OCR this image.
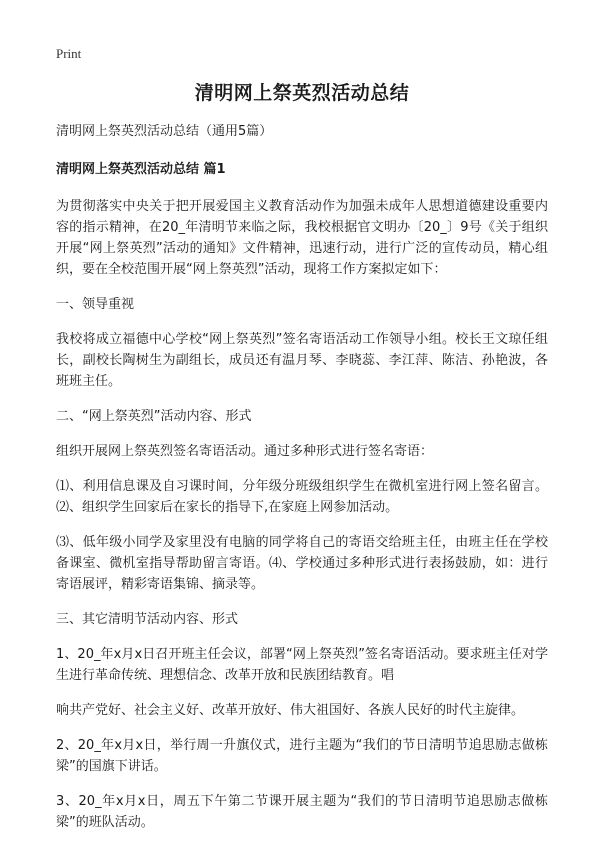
Print
清明网上祭英烈活动总结
清明网上祭英烈活动总结（通用5篇）
清明网上祭英烈活动总结 篇1
为贯彻落实中央关于把开展爱国主义教育活动作为加强未成年人思想道德建设重要内容的指示精神，在20_年清明节来临之际，我校根据官文明办〔20_〕9号《关于组织开展“网上祭英烈”活动的通知》文件精神，迅速行动，进行广泛的宣传动员，精心组织，要在全校范围开展“网上祭英烈”活动，现将工作方案拟定如下：
一、领导重视
我校将成立福德中心学校“网上祭英烈”签名寄语活动工作领导小组。校长王文琼任组长，副校长陶树生为副组长，成员还有温月琴、李晓蕊、李江萍、陈洁、孙艳波，各班班主任。
二、“网上祭英烈”活动内容、形式
组织开展网上祭英烈签名寄语活动。通过多种形式进行签名寄语：
⑴、利用信息课及自习课时间，分年级分班级组织学生在微机室进行网上签名留言。⑵、组织学生回家后在家长的指导下,在家庭上网参加活动。
⑶、低年级小同学及家里没有电脑的同学将自己的寄语交给班主任，由班主任在学校备课室、微机室指导帮助留言寄语。⑷、学校通过多种形式进行表扬鼓励，如：进行寄语展评，精彩寄语集锦、摘录等。
三、其它清明节活动内容、形式
1、20_年x月x日召开班主任会议，部署“网上祭英烈”签名寄语活动。要求班主任对学生进行革命传统、理想信念、改革开放和民族团结教育。唱
响共产党好、社会主义好、改革开放好、伟大祖国好、各族人民好的时代主旋律。
2、20_年x月x日，举行周一升旗仪式，进行主题为“我们的节日清明节追思励志做栋梁”的国旗下讲话。
3、20_年x月x日，周五下午第二节课开展主题为“我们的节日清明节追思励志做栋梁”的班队活动。
